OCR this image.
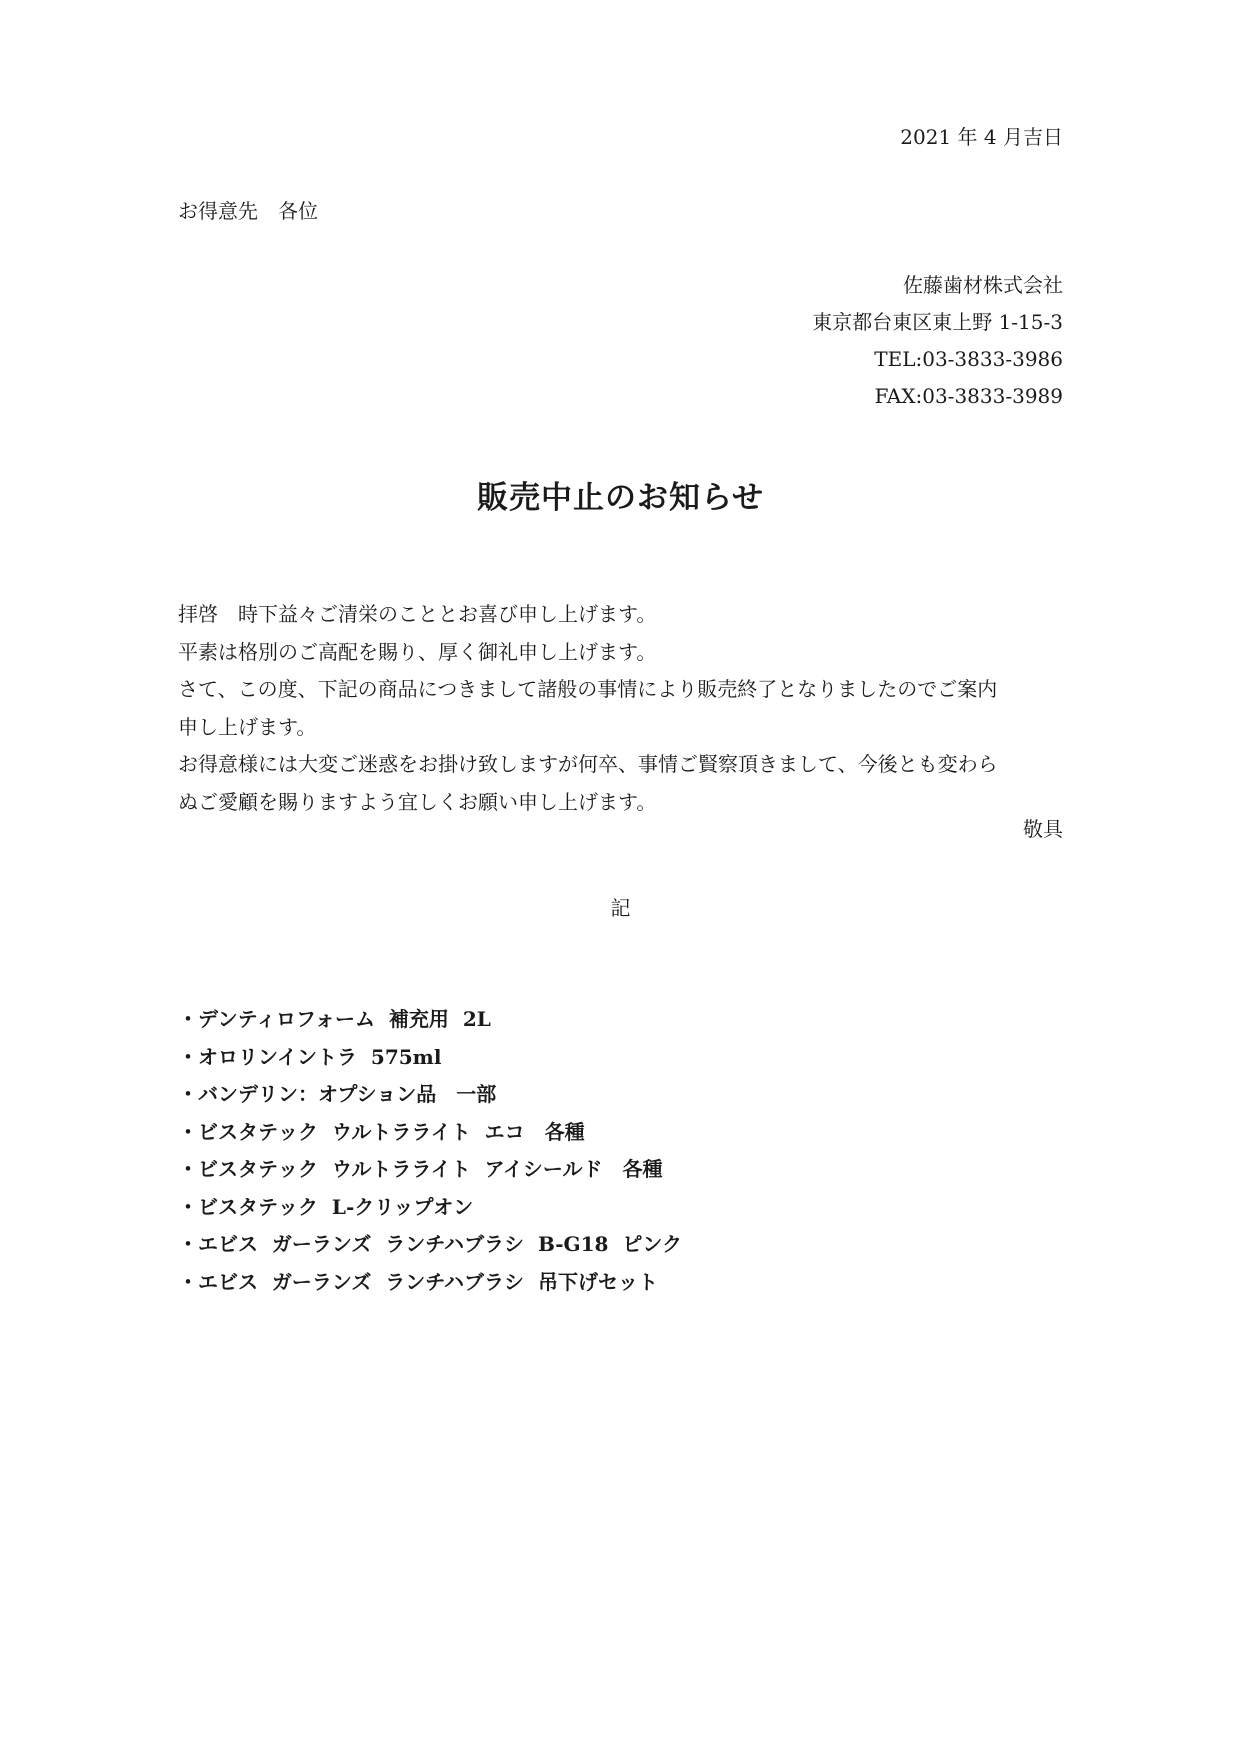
2021 年 4 月吉日
お得意先　各位
佐藤歯材株式会社
東京都台東区東上野 1-15-3
TEL:03-3833-3986
FAX:03-3833-3989
販売中止のお知らせ

拝啓　時下益々ご清栄のこととお喜び申し上げます。

平素は格別のご高配を賜り、厚く御礼申し上げます。

さて、この度、下記の商品につきまして諸般の事情により販売終了となりましたのでご案内

申し上げます。

お得意様には大変ご迷惑をお掛け致しますが何卒、事情ご賢察頂きまして、今後とも変わら

ぬご愛顧を賜りますよう宜しくお願い申し上げます。

敬具
記
・デンティロフォーム  補充用  2L
・オロリンイントラ  575ml
・バンデリン：オプション品　一部
・ビスタテック  ウルトラライト  エコ　各種
・ビスタテック  ウルトラライト  アイシールド　各種
・ビスタテック  L-クリップオン
・エビス  ガーランズ  ランチハブラシ  B-G18  ピンク
・エビス  ガーランズ  ランチハブラシ  吊下げセット
